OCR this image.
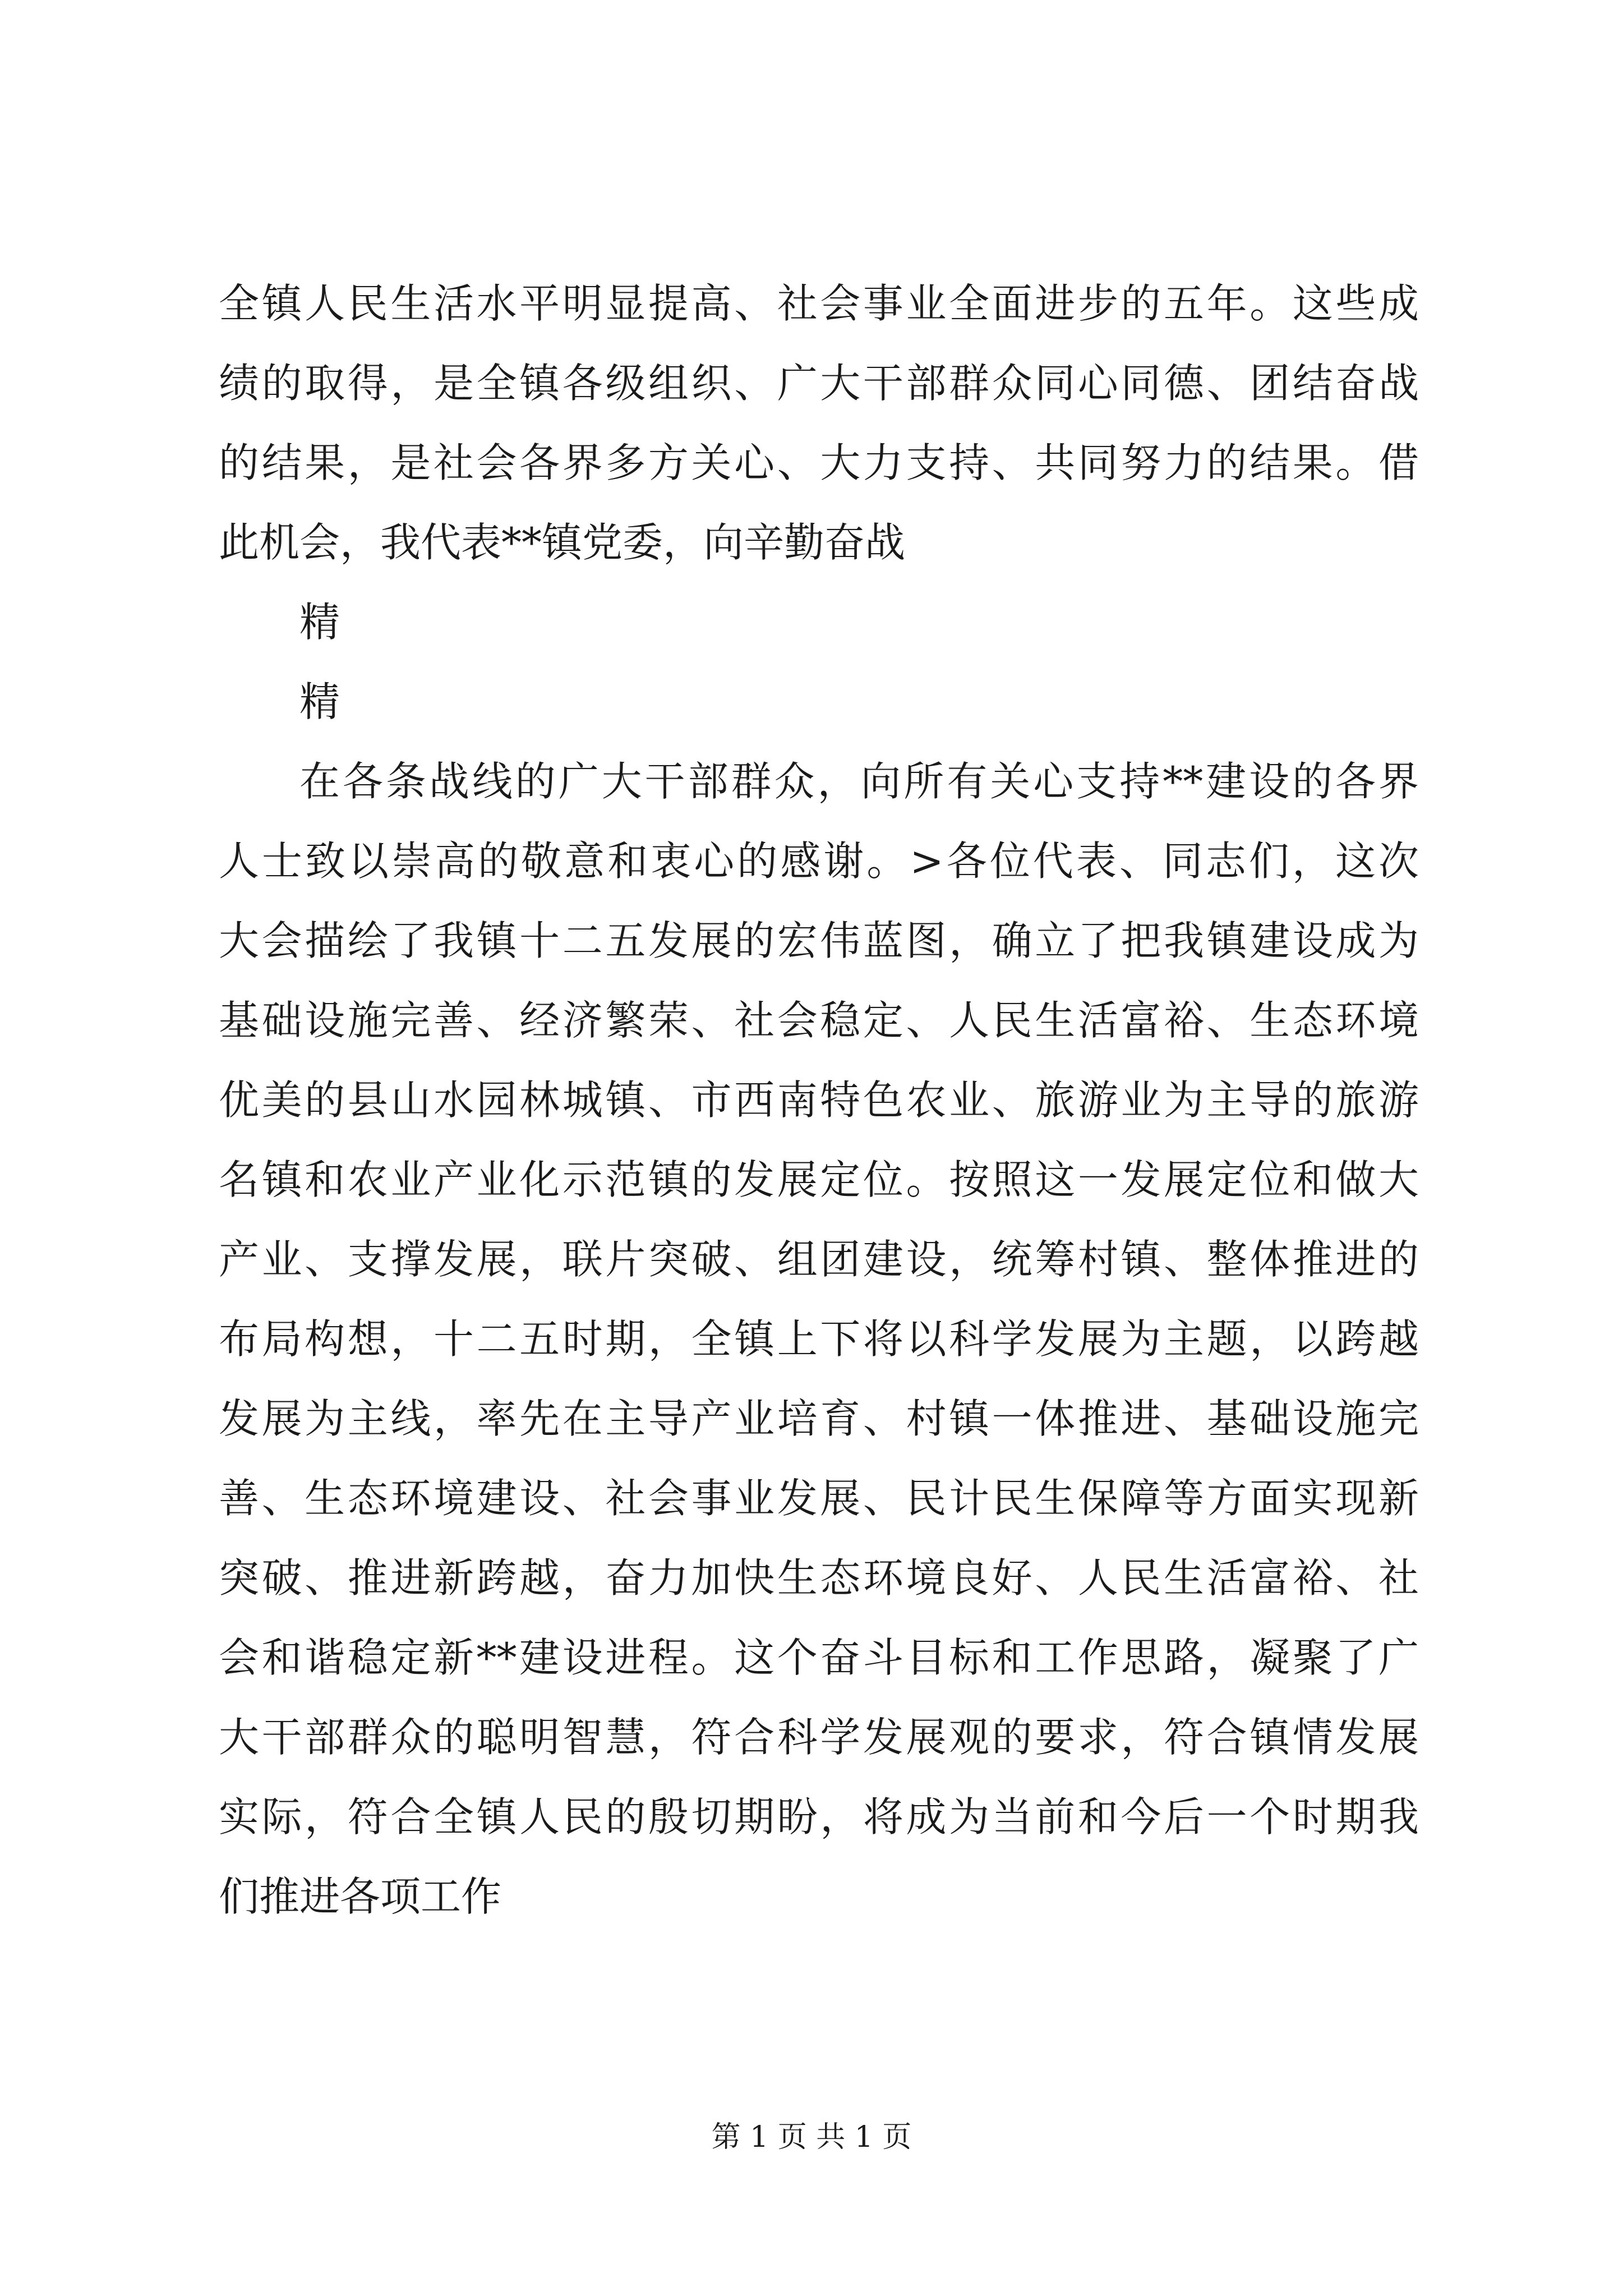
全镇人民生活水平明显提高、社会事业全面进步的五年。这些成
绩的取得，是全镇各级组织、广大干部群众同心同德、团结奋战
的结果，是社会各界多方关心、大力支持、共同努力的结果。借
此机会，我代表**镇党委，向辛勤奋战
精
精
在各条战线的广大干部群众，向所有关心支持**建设的各界
人士致以崇高的敬意和衷心的感谢。>各位代表、同志们，这次
大会描绘了我镇十二五发展的宏伟蓝图，确立了把我镇建设成为
基础设施完善、经济繁荣、社会稳定、人民生活富裕、生态环境
优美的县山水园林城镇、市西南特色农业、旅游业为主导的旅游
名镇和农业产业化示范镇的发展定位。按照这一发展定位和做大
产业、支撑发展，联片突破、组团建设，统筹村镇、整体推进的
布局构想，十二五时期，全镇上下将以科学发展为主题，以跨越
发展为主线，率先在主导产业培育、村镇一体推进、基础设施完
善、生态环境建设、社会事业发展、民计民生保障等方面实现新
突破、推进新跨越，奋力加快生态环境良好、人民生活富裕、社
会和谐稳定新**建设进程。这个奋斗目标和工作思路，凝聚了广
大干部群众的聪明智慧，符合科学发展观的要求，符合镇情发展
实际，符合全镇人民的殷切期盼，将成为当前和今后一个时期我
们推进各项工作
第 1 页 共 1 页
